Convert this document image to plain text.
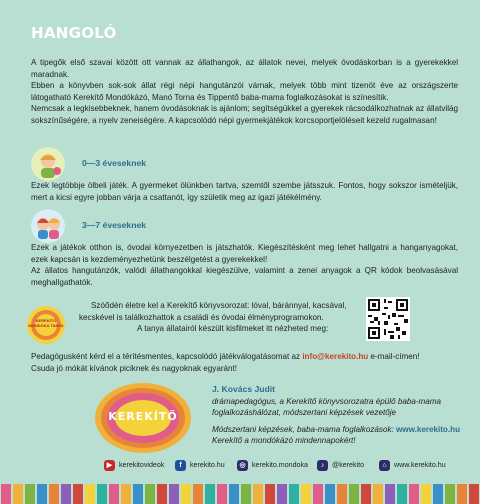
HANGOLÓ
A tipegők első szavai között ott vannak az állathangok, az állatok nevei, melyek óvodáskorban is a gyerekekkel maradnak.
Ebben a könyvben sok-sok állat régi népi hangutánzói várnak, melyek több mint tizenöt éve az országszerte látogatható Kerekítő Mondókázó, Manó Torna és Tippentő baba-mama foglalkozásokat is színesítik.
Nemcsak a legkisebbeknek, hanem óvodásoknak is ajánlom; segítségükkel a gyerekek rácsodálkozhatnak az állatvilág sokszínűségére, a nyelv zeneiségére. A kapcsolódó népi gyermekjátékok korcsoportjelöléseit kezeld rugalmasan!
0—3 éveseknek
Ezek legtöbbje ölbeli játék. A gyermeket ölünkben tartva, szemtől szembe játsszuk. Fontos, hogy sokszor ismételjük, mert a kicsi egyre jobban várja a csattanót, így születik meg az igazi játékélmény.
3—7 éveseknek
Ezek a játékok otthon is, óvodai környezetben is játszhatók. Kiegészítésként meg lehet hallgatni a hanganyagokat, ezek kapcsán is kezdeményezhetünk beszélgetést a gyerekekkel!
Az állatos hangutánzók, valódi állathangokkal kiegészülve, valamint a zenei anyagok a QR kódok beolvasásával meghallgathatók.
KEREKÍTŐ MONDÓKA TANYA
Szóődén életre kel a Kerekítő könyvsorozat: lóval, báránnyal, kacsával,
kecskével is találkozhattok a családi és óvodai élményprogramokon.
A tanya állatairól készült kisfilmeket itt nézheted meg:
Pedagógusként kérd el a térítésmentes, kapcsolódó játékválogatásomat az info@kerekito.hu e-mail-címen!
Csuda jó mókát kívánok piciknek és nagyoknak egyaránt!
KEREKÍTŐ
J. Kovács Judit
drámapedagógus, a Kerekítő könyvsorozatra épülő baba-mama
foglalkozáshálózat, módszertani képzések vezetője
Módszertani képzések, baba-mama foglalkozások: www.kerekito.hu
Kerekítő a mondókázó mindennapokért!
▶ kerekitovideok	f	kerekito.hu	◎ kerekito.mondoka	♪	@kerekito	⌂	www.kerekito.hu
